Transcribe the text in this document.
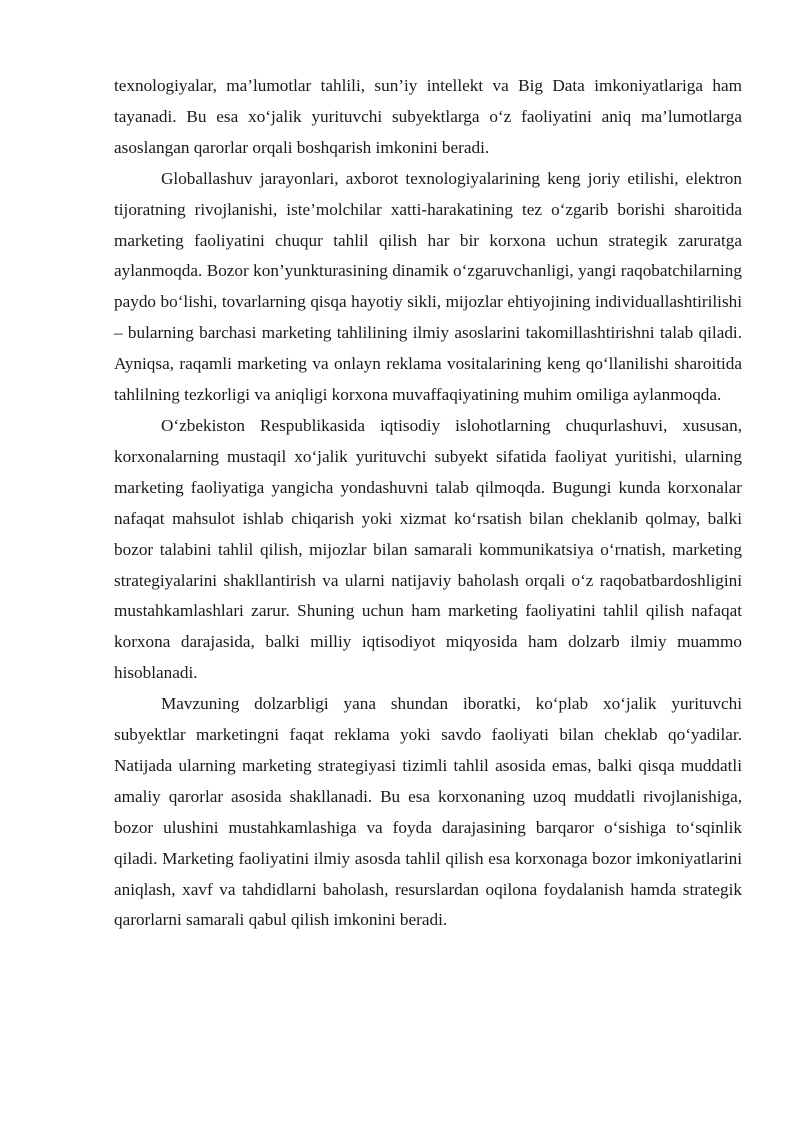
texnologiyalar, ma’lumotlar tahlili, sun’iy intellekt va Big Data imkoniyatlariga ham tayanadi. Bu esa xo‘jalik yurituvchi subyektlarga o‘z faoliyatini aniq ma’lumotlarga asoslangan qarorlar orqali boshqarish imkonini beradi.

Globallashuv jarayonlari, axborot texnologiyalarining keng joriy etilishi, elektron tijoratning rivojlanishi, iste’molchilar xatti-harakatining tez o‘zgarib borishi sharoitida marketing faoliyatini chuqur tahlil qilish har bir korxona uchun strategik zaruratga aylanmoqda. Bozor kon’yunkturasining dinamik o‘zgaruvchanligi, yangi raqobatchilarning paydo bo‘lishi, tovarlarning qisqa hayotiy sikli, mijozlar ehtiyojining individuallashtirilishi – bularning barchasi marketing tahlilining ilmiy asoslarini takomillashtirishni talab qiladi. Ayniqsa, raqamli marketing va onlayn reklama vositalarining keng qo‘llanilishi sharoitida tahlilning tezkorligi va aniqligi korxona muvaffaqiyatining muhim omiliga aylanmoqda.

O‘zbekiston Respublikasida iqtisodiy islohotlarning chuqurlashuvi, xususan, korxonalarning mustaqil xo‘jalik yurituvchi subyekt sifatida faoliyat yuritishi, ularning marketing faoliyatiga yangicha yondashuvni talab qilmoqda. Bugungi kunda korxonalar nafaqat mahsulot ishlab chiqarish yoki xizmat ko‘rsatish bilan cheklanib qolmay, balki bozor talabini tahlil qilish, mijozlar bilan samarali kommunikatsiya o‘rnatish, marketing strategiyalarini shakllantirish va ularni natijaviy baholash orqali o‘z raqobatbardoshligini mustahkamlashlari zarur. Shuning uchun ham marketing faoliyatini tahlil qilish nafaqat korxona darajasida, balki milliy iqtisodiyot miqyosida ham dolzarb ilmiy muammo hisoblanadi.

Mavzuning dolzarbligi yana shundan iboratki, ko‘plab xo‘jalik yurituvchi subyektlar marketingni faqat reklama yoki savdo faoliyati bilan cheklab qo‘yadilar. Natijada ularning marketing strategiyasi tizimli tahlil asosida emas, balki qisqa muddatli amaliy qarorlar asosida shakllanadi. Bu esa korxonaning uzoq muddatli rivojlanishiga, bozor ulushini mustahkamlashiga va foyda darajasining barqaror o‘sishiga to‘sqinlik qiladi. Marketing faoliyatini ilmiy asosda tahlil qilish esa korxonaga bozor imkoniyatlarini aniqlash, xavf va tahdidlarni baholash, resurslardan oqilona foydalanish hamda strategik qarorlarni samarali qabul qilish imkonini beradi.
